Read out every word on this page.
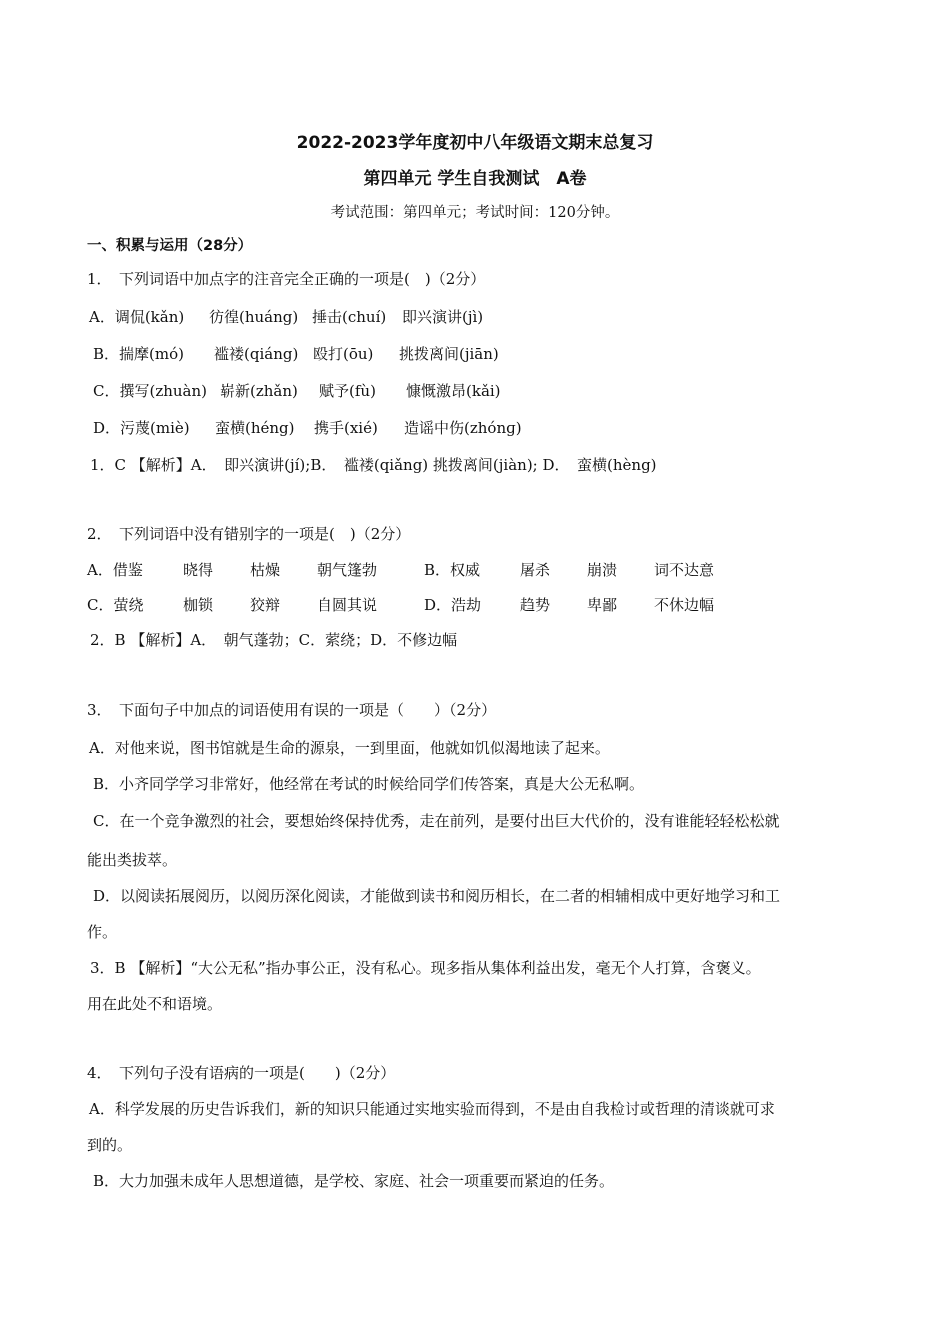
2022-2023学年度初中八年级语文期末总复习
第四单元 学生自我测试　A卷
考试范围：第四单元；考试时间：120分钟。
一、积累与运用（28分）
1．　下列词语中加点字的注音完全正确的一项是(　)（2分）
A．调侃(kǎn)	彷徨(huáng) 捶击(chuí)	即兴演讲(jì)
B．揣摩(mó)	褴褛(qiáng) 殴打(ōu)	挑拨离间(jiān)
C．撰写(zhuàn) 崭新(zhǎn)	赋予(fù)	慷慨激昂(kǎi)
D．污蔑(miè)	蛮横(héng)	携手(xié)	造谣中伤(zhónɡ)
1．C 【解析】A．　即兴演讲(jí);B．　褴褛(qiǎng) 挑拨离间(jiàn); D．　蛮横(hèng)
2．　下列词语中没有错别字的一项是(　)（2分）
A．借鉴	晓得	枯燥	朝气篷勃	B．权威	屠杀	崩溃	词不达意
C．萤绕	枷锁	狡辩	自圆其说	D．浩劫	趋势	卑鄙	不休边幅
2．B 【解析】A．　朝气蓬勃；C．萦绕；D．不修边幅
3．　下面句子中加点的词语使用有误的一项是（　　）（2分）
A．对他来说，图书馆就是生命的源泉，一到里面，他就如饥似渴地读了起来。
B．小齐同学学习非常好，他经常在考试的时候给同学们传答案，真是大公无私啊。
C．在一个竞争激烈的社会，要想始终保持优秀，走在前列，是要付出巨大代价的，没有谁能轻轻松松就
能出类拔萃。
D．以阅读拓展阅历，以阅历深化阅读，才能做到读书和阅历相长，在二者的相辅相成中更好地学习和工
作。
3．B 【解析】“大公无私”指办事公正，没有私心。现多指从集体利益出发，毫无个人打算，含褒义。
用在此处不和语境。
4．　下列句子没有语病的一项是(　　)（2分）
A．科学发展的历史告诉我们，新的知识只能通过实地实验而得到，不是由自我检讨或哲理的清谈就可求
到的。
B．大力加强未成年人思想道德，是学校、家庭、社会一项重要而紧迫的任务。
